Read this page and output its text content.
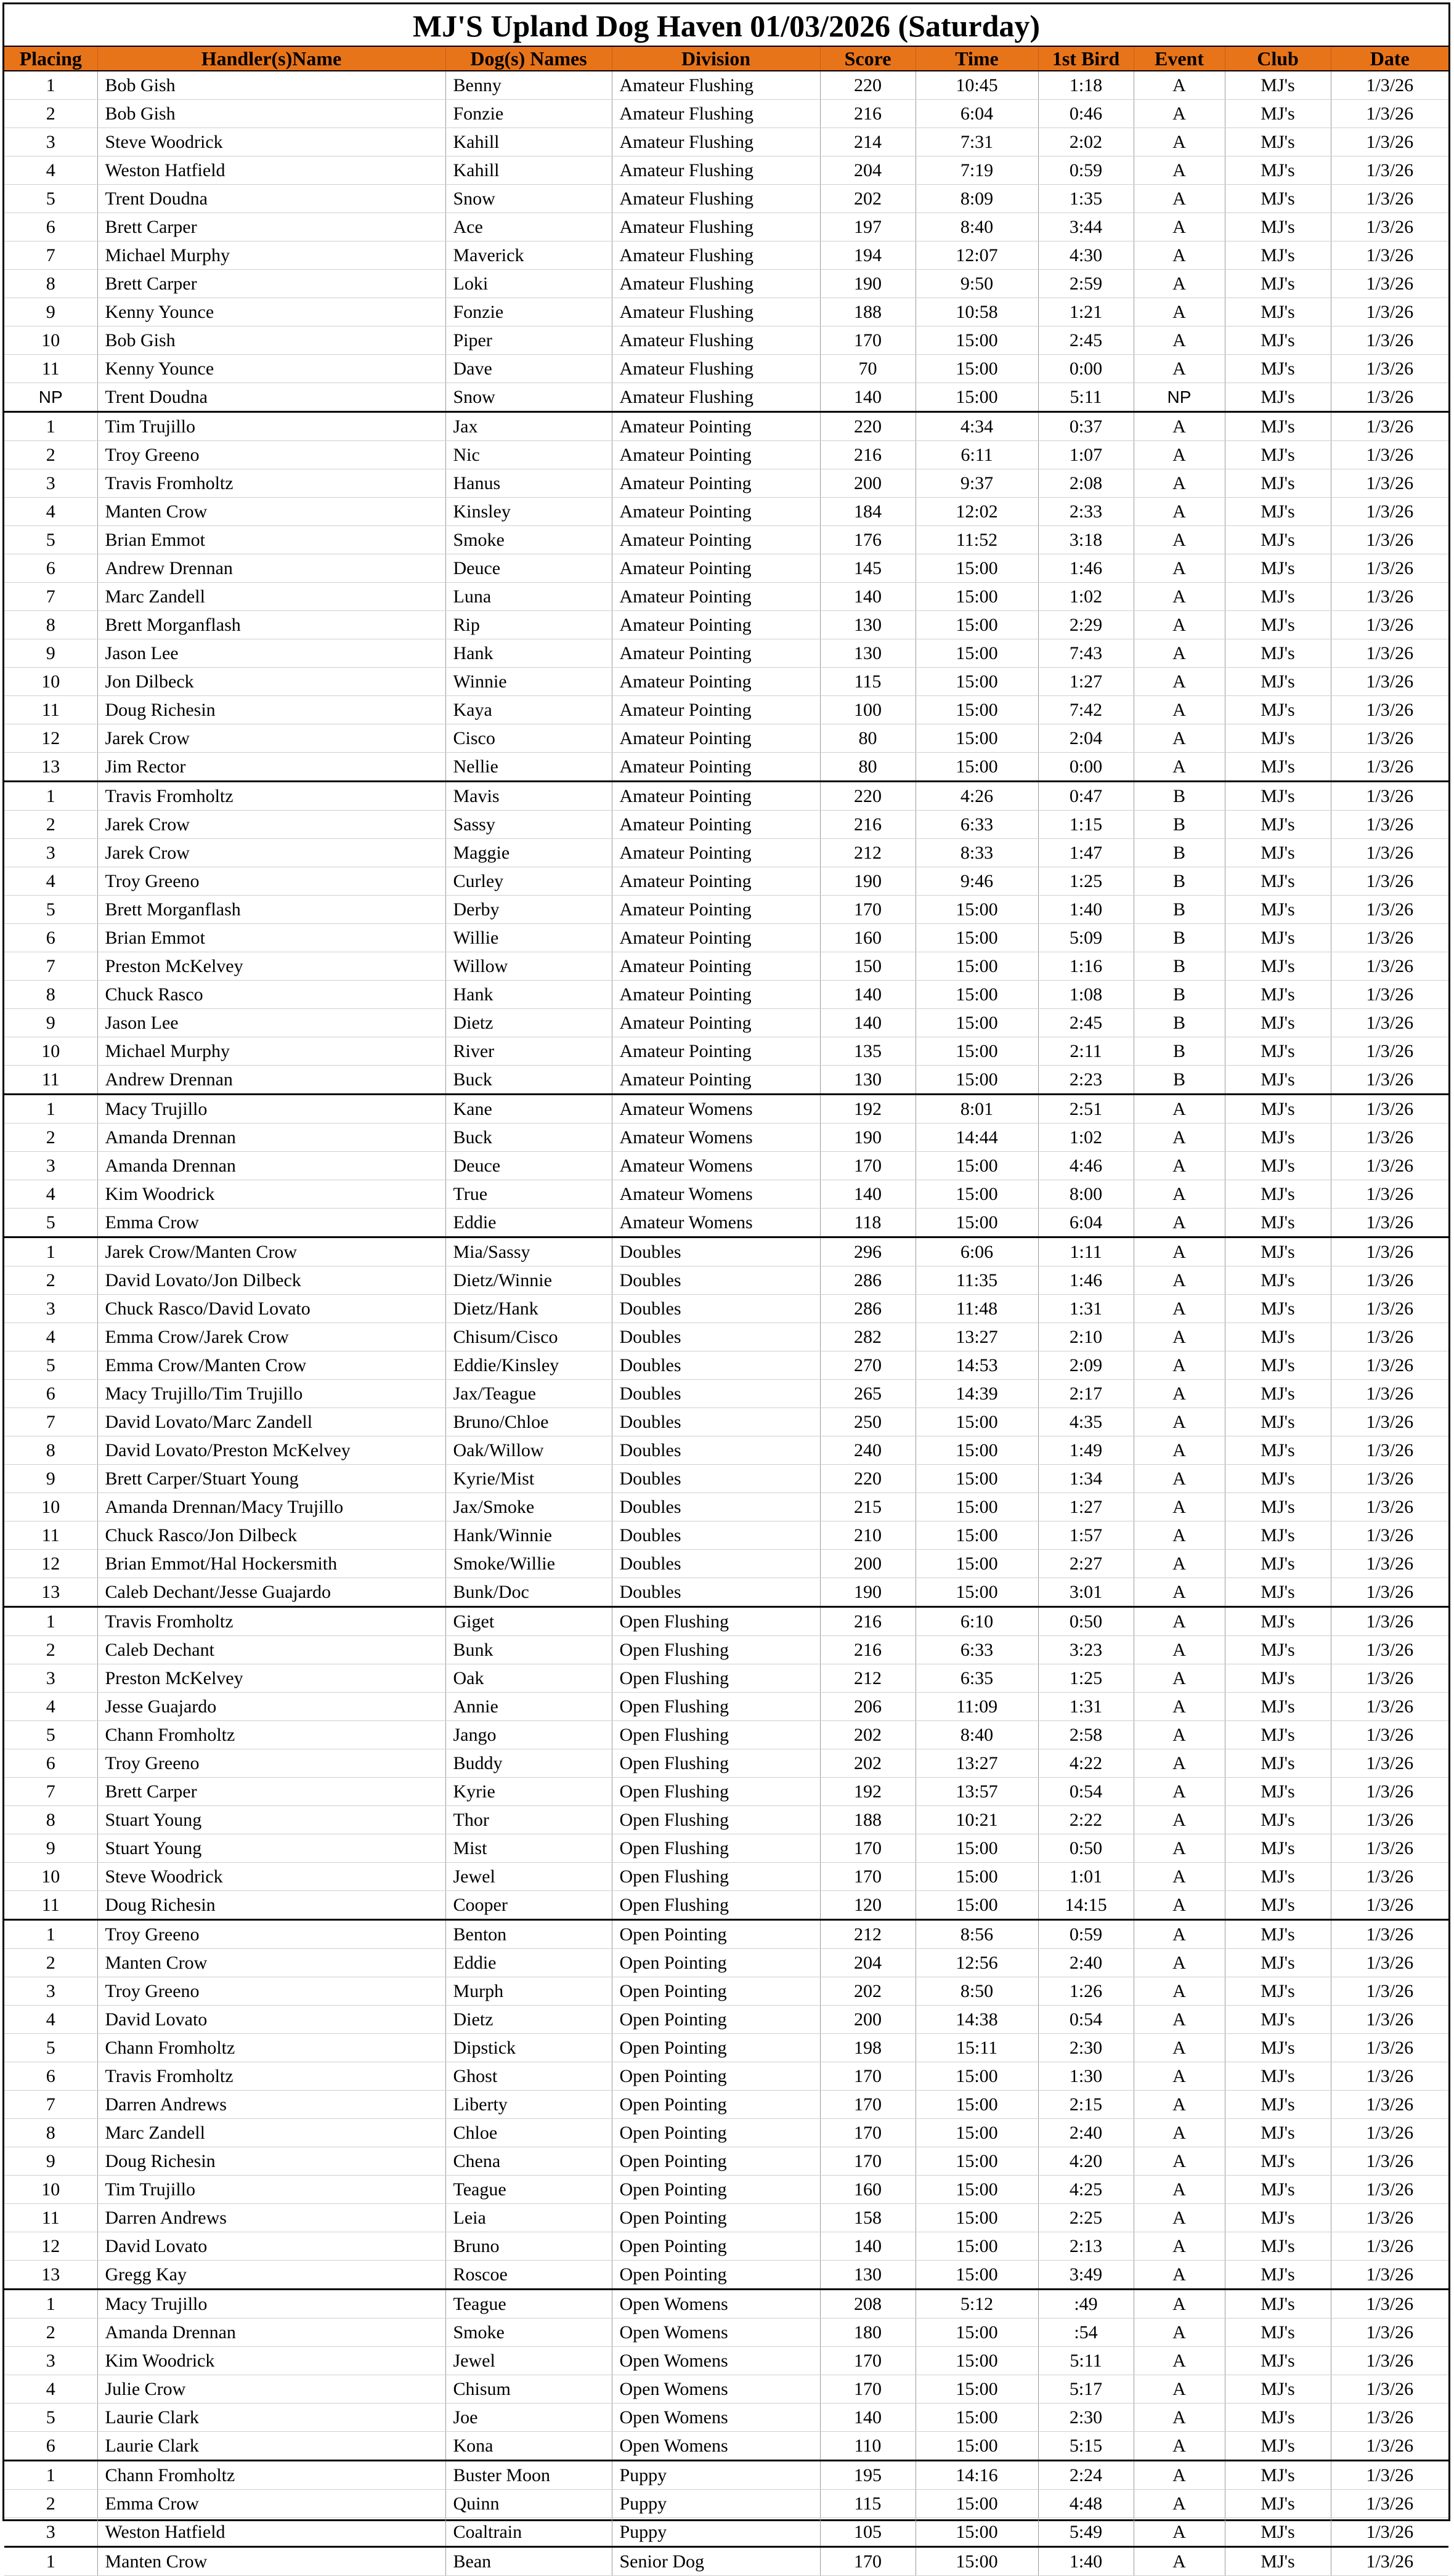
MJ'S Upland Dog Haven 01/03/2026 (Saturday)
Placing	Handler(s)Name	Dog(s) Names	Division	Score	Time	1st Bird	Event	Club	Date
1	Bob Gish	Benny	Amateur Flushing	220	10:45	1:18	A	MJ's	1/3/26
2	Bob Gish	Fonzie	Amateur Flushing	216	6:04	0:46	A	MJ's	1/3/26
3	Steve Woodrick	Kahill	Amateur Flushing	214	7:31	2:02	A	MJ's	1/3/26
4	Weston Hatfield	Kahill	Amateur Flushing	204	7:19	0:59	A	MJ's	1/3/26
5	Trent Doudna	Snow	Amateur Flushing	202	8:09	1:35	A	MJ's	1/3/26
6	Brett Carper	Ace	Amateur Flushing	197	8:40	3:44	A	MJ's	1/3/26
7	Michael Murphy	Maverick	Amateur Flushing	194	12:07	4:30	A	MJ's	1/3/26
8	Brett Carper	Loki	Amateur Flushing	190	9:50	2:59	A	MJ's	1/3/26
9	Kenny Younce	Fonzie	Amateur Flushing	188	10:58	1:21	A	MJ's	1/3/26
10	Bob Gish	Piper	Amateur Flushing	170	15:00	2:45	A	MJ's	1/3/26
11	Kenny Younce	Dave	Amateur Flushing	70	15:00	0:00	A	MJ's	1/3/26
NP	Trent Doudna	Snow	Amateur Flushing	140	15:00	5:11	NP	MJ's	1/3/26
1	Tim Trujillo	Jax	Amateur Pointing	220	4:34	0:37	A	MJ's	1/3/26
2	Troy Greeno	Nic	Amateur Pointing	216	6:11	1:07	A	MJ's	1/3/26
3	Travis Fromholtz	Hanus	Amateur Pointing	200	9:37	2:08	A	MJ's	1/3/26
4	Manten Crow	Kinsley	Amateur Pointing	184	12:02	2:33	A	MJ's	1/3/26
5	Brian Emmot	Smoke	Amateur Pointing	176	11:52	3:18	A	MJ's	1/3/26
6	Andrew Drennan	Deuce	Amateur Pointing	145	15:00	1:46	A	MJ's	1/3/26
7	Marc Zandell	Luna	Amateur Pointing	140	15:00	1:02	A	MJ's	1/3/26
8	Brett Morganflash	Rip	Amateur Pointing	130	15:00	2:29	A	MJ's	1/3/26
9	Jason Lee	Hank	Amateur Pointing	130	15:00	7:43	A	MJ's	1/3/26
10	Jon Dilbeck	Winnie	Amateur Pointing	115	15:00	1:27	A	MJ's	1/3/26
11	Doug Richesin	Kaya	Amateur Pointing	100	15:00	7:42	A	MJ's	1/3/26
12	Jarek Crow	Cisco	Amateur Pointing	80	15:00	2:04	A	MJ's	1/3/26
13	Jim Rector	Nellie	Amateur Pointing	80	15:00	0:00	A	MJ's	1/3/26
1	Travis Fromholtz	Mavis	Amateur Pointing	220	4:26	0:47	B	MJ's	1/3/26
2	Jarek Crow	Sassy	Amateur Pointing	216	6:33	1:15	B	MJ's	1/3/26
3	Jarek Crow	Maggie	Amateur Pointing	212	8:33	1:47	B	MJ's	1/3/26
4	Troy Greeno	Curley	Amateur Pointing	190	9:46	1:25	B	MJ's	1/3/26
5	Brett Morganflash	Derby	Amateur Pointing	170	15:00	1:40	B	MJ's	1/3/26
6	Brian Emmot	Willie	Amateur Pointing	160	15:00	5:09	B	MJ's	1/3/26
7	Preston McKelvey	Willow	Amateur Pointing	150	15:00	1:16	B	MJ's	1/3/26
8	Chuck Rasco	Hank	Amateur Pointing	140	15:00	1:08	B	MJ's	1/3/26
9	Jason Lee	Dietz	Amateur Pointing	140	15:00	2:45	B	MJ's	1/3/26
10	Michael Murphy	River	Amateur Pointing	135	15:00	2:11	B	MJ's	1/3/26
11	Andrew Drennan	Buck	Amateur Pointing	130	15:00	2:23	B	MJ's	1/3/26
1	Macy Trujillo	Kane	Amateur Womens	192	8:01	2:51	A	MJ's	1/3/26
2	Amanda Drennan	Buck	Amateur Womens	190	14:44	1:02	A	MJ's	1/3/26
3	Amanda Drennan	Deuce	Amateur Womens	170	15:00	4:46	A	MJ's	1/3/26
4	Kim Woodrick	True	Amateur Womens	140	15:00	8:00	A	MJ's	1/3/26
5	Emma Crow	Eddie	Amateur Womens	118	15:00	6:04	A	MJ's	1/3/26
1	Jarek Crow/Manten Crow	Mia/Sassy	Doubles	296	6:06	1:11	A	MJ's	1/3/26
2	David Lovato/Jon Dilbeck	Dietz/Winnie	Doubles	286	11:35	1:46	A	MJ's	1/3/26
3	Chuck Rasco/David Lovato	Dietz/Hank	Doubles	286	11:48	1:31	A	MJ's	1/3/26
4	Emma Crow/Jarek Crow	Chisum/Cisco	Doubles	282	13:27	2:10	A	MJ's	1/3/26
5	Emma Crow/Manten Crow	Eddie/Kinsley	Doubles	270	14:53	2:09	A	MJ's	1/3/26
6	Macy Trujillo/Tim Trujillo	Jax/Teague	Doubles	265	14:39	2:17	A	MJ's	1/3/26
7	David Lovato/Marc Zandell	Bruno/Chloe	Doubles	250	15:00	4:35	A	MJ's	1/3/26
8	David Lovato/Preston McKelvey	Oak/Willow	Doubles	240	15:00	1:49	A	MJ's	1/3/26
9	Brett Carper/Stuart Young	Kyrie/Mist	Doubles	220	15:00	1:34	A	MJ's	1/3/26
10	Amanda Drennan/Macy Trujillo	Jax/Smoke	Doubles	215	15:00	1:27	A	MJ's	1/3/26
11	Chuck Rasco/Jon Dilbeck	Hank/Winnie	Doubles	210	15:00	1:57	A	MJ's	1/3/26
12	Brian Emmot/Hal Hockersmith	Smoke/Willie	Doubles	200	15:00	2:27	A	MJ's	1/3/26
13	Caleb Dechant/Jesse Guajardo	Bunk/Doc	Doubles	190	15:00	3:01	A	MJ's	1/3/26
1	Travis Fromholtz	Giget	Open Flushing	216	6:10	0:50	A	MJ's	1/3/26
2	Caleb Dechant	Bunk	Open Flushing	216	6:33	3:23	A	MJ's	1/3/26
3	Preston McKelvey	Oak	Open Flushing	212	6:35	1:25	A	MJ's	1/3/26
4	Jesse Guajardo	Annie	Open Flushing	206	11:09	1:31	A	MJ's	1/3/26
5	Chann Fromholtz	Jango	Open Flushing	202	8:40	2:58	A	MJ's	1/3/26
6	Troy Greeno	Buddy	Open Flushing	202	13:27	4:22	A	MJ's	1/3/26
7	Brett Carper	Kyrie	Open Flushing	192	13:57	0:54	A	MJ's	1/3/26
8	Stuart Young	Thor	Open Flushing	188	10:21	2:22	A	MJ's	1/3/26
9	Stuart Young	Mist	Open Flushing	170	15:00	0:50	A	MJ's	1/3/26
10	Steve Woodrick	Jewel	Open Flushing	170	15:00	1:01	A	MJ's	1/3/26
11	Doug Richesin	Cooper	Open Flushing	120	15:00	14:15	A	MJ's	1/3/26
1	Troy Greeno	Benton	Open Pointing	212	8:56	0:59	A	MJ's	1/3/26
2	Manten Crow	Eddie	Open Pointing	204	12:56	2:40	A	MJ's	1/3/26
3	Troy Greeno	Murph	Open Pointing	202	8:50	1:26	A	MJ's	1/3/26
4	David Lovato	Dietz	Open Pointing	200	14:38	0:54	A	MJ's	1/3/26
5	Chann Fromholtz	Dipstick	Open Pointing	198	15:11	2:30	A	MJ's	1/3/26
6	Travis Fromholtz	Ghost	Open Pointing	170	15:00	1:30	A	MJ's	1/3/26
7	Darren Andrews	Liberty	Open Pointing	170	15:00	2:15	A	MJ's	1/3/26
8	Marc Zandell	Chloe	Open Pointing	170	15:00	2:40	A	MJ's	1/3/26
9	Doug Richesin	Chena	Open Pointing	170	15:00	4:20	A	MJ's	1/3/26
10	Tim Trujillo	Teague	Open Pointing	160	15:00	4:25	A	MJ's	1/3/26
11	Darren Andrews	Leia	Open Pointing	158	15:00	2:25	A	MJ's	1/3/26
12	David Lovato	Bruno	Open Pointing	140	15:00	2:13	A	MJ's	1/3/26
13	Gregg Kay	Roscoe	Open Pointing	130	15:00	3:49	A	MJ's	1/3/26
1	Macy Trujillo	Teague	Open Womens	208	5:12	:49	A	MJ's	1/3/26
2	Amanda Drennan	Smoke	Open Womens	180	15:00	:54	A	MJ's	1/3/26
3	Kim Woodrick	Jewel	Open Womens	170	15:00	5:11	A	MJ's	1/3/26
4	Julie Crow	Chisum	Open Womens	170	15:00	5:17	A	MJ's	1/3/26
5	Laurie Clark	Joe	Open Womens	140	15:00	2:30	A	MJ's	1/3/26
6	Laurie Clark	Kona	Open Womens	110	15:00	5:15	A	MJ's	1/3/26
1	Chann Fromholtz	Buster Moon	Puppy	195	14:16	2:24	A	MJ's	1/3/26
2	Emma Crow	Quinn	Puppy	115	15:00	4:48	A	MJ's	1/3/26
3	Weston Hatfield	Coaltrain	Puppy	105	15:00	5:49	A	MJ's	1/3/26
1	Manten Crow	Bean	Senior Dog	170	15:00	1:40	A	MJ's	1/3/26
